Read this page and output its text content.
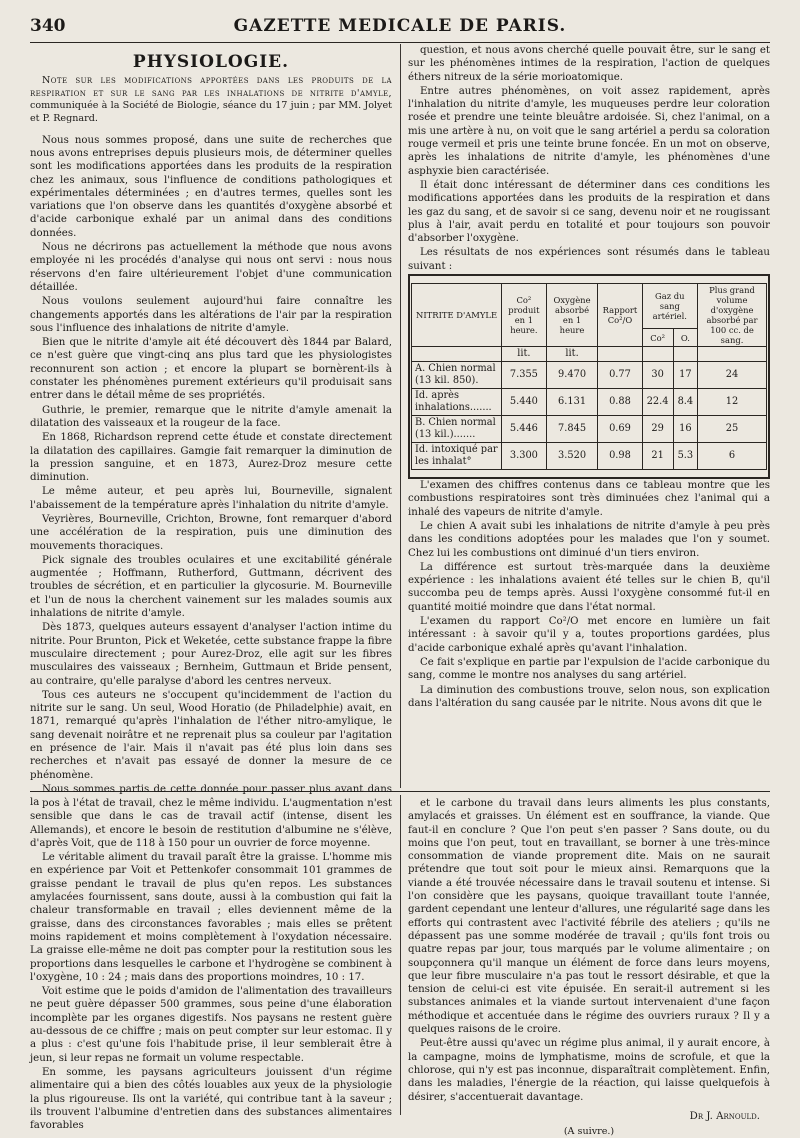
340	GAZETTE MEDICALE DE PARIS.
PHYSIOLOGIE.
Note sur les modifications apportées dans les produits de la respiration et sur le sang par les inhalations de nitrite d'amyle, communiquée à la Société de Biologie, séance du 17 juin ; par MM. Jolyet et P. Regnard.

Nous nous sommes proposé, dans une suite de recherches que nous avons entreprises depuis plusieurs mois, de déterminer quelles sont les modifications apportées dans les produits de la respiration chez les animaux, sous l'influence de conditions pathologiques et expérimentales déterminées ; en d'autres termes, quelles sont les variations que l'on observe dans les quantités d'oxygène absorbé et d'acide carbonique exhalé par un animal dans des conditions données.

Nous ne décrirons pas actuellement la méthode que nous avons employée ni les procédés d'analyse qui nous ont servi : nous nous réservons d'en faire ultérieurement l'objet d'une communication détaillée.

Nous voulons seulement aujourd'hui faire connaître les changements apportés dans les altérations de l'air par la respiration sous l'influence des inhalations de nitrite d'amyle.

Bien que le nitrite d'amyle ait été découvert dès 1844 par Balard, ce n'est guère que vingt-cinq ans plus tard que les physiologistes reconnurent son action ; et encore la plupart se bornèrent-ils à constater les phénomènes purement extérieurs qu'il produisait sans entrer dans le détail même de ses propriétés.

Guthrie, le premier, remarque que le nitrite d'amyle amenait la dilatation des vaisseaux et la rougeur de la face.

En 1868, Richardson reprend cette étude et constate directement la dilatation des capillaires. Gamgie fait remarquer la diminution de la pression sanguine, et en 1873, Aurez-Droz mesure cette diminution.

Le même auteur, et peu après lui, Bourneville, signalent l'abaissement de la température après l'inhalation du nitrite d'amyle.

Veyrières, Bourneville, Crichton, Browne, font remarquer d'abord une accélération de la respiration, puis une diminution des mouvements thoraciques.

Pick signale des troubles oculaires et une excitabilité générale augmentée ; Hoffmann, Rutherford, Guttmann, décrivent des troubles de sécrétion, et en particulier la glycosurie. M. Bourneville et l'un de nous la cherchent vainement sur les malades soumis aux inhalations de nitrite d'amyle.

Dès 1873, quelques auteurs essayent d'analyser l'action intime du nitrite. Pour Brunton, Pick et Weketée, cette substance frappe la fibre musculaire directement ; pour Aurez-Droz, elle agit sur les fibres musculaires des vaisseaux ; Bernheim, Guttmaun et Bride pensent, au contraire, qu'elle paralyse d'abord les centres nerveux.

Tous ces auteurs ne s'occupent qu'incidemment de l'action du nitrite sur le sang. Un seul, Wood Horatio (de Philadelphie) avait, en 1871, remarqué qu'après l'inhalation de l'éther nitro-amylique, le sang devenait noirâtre et ne reprenait plus sa couleur par l'agitation en présence de l'air. Mais il n'avait pas été plus loin dans ses recherches et n'avait pas essayé de donner la mesure de ce phénomène.

Nous sommes partis de cette donnée pour passer plus avant dans la

question, et nous avons cherché quelle pouvait être, sur le sang et sur les phénomènes intimes de la respiration, l'action de quelques éthers nitreux de la série morioatomique.

Entre autres phénomènes, on voit assez rapidement, après l'inhalation du nitrite d'amyle, les muqueuses perdre leur coloration rosée et prendre une teinte bleuâtre ardoisée. Si, chez l'animal, on a mis une artère à nu, on voit que le sang artériel a perdu sa coloration rouge vermeil et pris une teinte brune foncée. En un mot on observe, après les inhalations de nitrite d'amyle, les phénomènes d'une asphyxie bien caractérisée.

Il était donc intéressant de déterminer dans ces conditions les modifications apportées dans les produits de la respiration et dans les gaz du sang, et de savoir si ce sang, devenu noir et ne rougissant plus à l'air, avait perdu en totalité et pour toujours son pouvoir d'absorber l'oxygène.

Les résultats de nos expériences sont résumés dans le tableau suivant :

NITRITE D'AMYLE	Co² produit en 1 heure.	Oxygène absorbé en 1 heure	Rapport Co²/O	Gaz du sang artériel.		Plus grand volume d'oxygène absorbé par 100 cc. de sang.
				Co²	O.	
	lit.	lit.				
A. Chien normal (13 kil. 850).	7.355	9.470	0.77	30	17	24
Id. après inhalations.......	5.440	6.131	0.88	22.4	8.4	12
B. Chien normal (13 kil.).......	5.446	7.845	0.69	29	16	25
Id. intoxiqué par les inhalat°	3.300	3.520	0.98	21	5.3	6

L'examen des chiffres contenus dans ce tableau montre que les combustions respiratoires sont très diminuées chez l'animal qui a inhalé des vapeurs de nitrite d'amyle.

Le chien A avait subi les inhalations de nitrite d'amyle à peu près dans les conditions adoptées pour les malades que l'on y soumet. Chez lui les combustions ont diminué d'un tiers environ.

La différence est surtout très-marquée dans la deuxième expérience : les inhalations avaient été telles sur le chien B, qu'il succomba peu de temps après. Aussi l'oxygène consommé fut-il en quantité moitié moindre que dans l'état normal.

L'examen du rapport Co²/O met encore en lumière un fait intéressant : à savoir qu'il y a, toutes proportions gardées, plus d'acide carbonique exhalé après qu'avant l'inhalation.

Ce fait s'explique en partie par l'expulsion de l'acide carbonique du sang, comme le montre nos analyses du sang artériel.

La diminution des combustions trouve, selon nous, son explication dans l'altération du sang causée par le nitrite. Nous avons dit que le

pos à l'état de travail, chez le même individu. L'augmentation n'est sensible que dans le cas de travail actif (intense, disent les Allemands), et encore le besoin de restitution d'albumine ne s'élève, d'après Voit, que de 118 à 150 pour un ouvrier de force moyenne.

Le véritable aliment du travail paraît être la graisse. L'homme mis en expérience par Voit et Pettenkofer consommait 101 grammes de graisse pendant le travail de plus qu'en repos. Les substances amylacées fournissent, sans doute, aussi à la combustion qui fait la chaleur transformable en travail ; elles deviennent même de la graisse, dans des circonstances favorables ; mais elles se prêtent moins rapidement et moins complètement à l'oxydation nécessaire. La graisse elle-même ne doit pas compter pour la restitution sous les proportions dans lesquelles le carbone et l'hydrogène se combinent à l'oxygène, 10 : 24 ; mais dans des proportions moindres, 10 : 17.

Voit estime que le poids d'amidon de l'alimentation des travailleurs ne peut guère dépasser 500 grammes, sous peine d'une élaboration incomplète par les organes digestifs. Nos paysans ne restent guère au-dessous de ce chiffre ; mais on peut compter sur leur estomac. Il y a plus : c'est qu'une fois l'habitude prise, il leur semblerait être à jeun, si leur repas ne formait un volume respectable.

En somme, les paysans agriculteurs jouissent d'un régime alimentaire qui a bien des côtés louables aux yeux de la physiologie la plus rigoureuse. Ils ont la variété, qui contribue tant à la saveur ; ils trouvent l'albumine d'entretien dans des substances alimentaires favorables

et le carbone du travail dans leurs aliments les plus constants, amylacés et graisses. Un élément est en souffrance, la viande. Que faut-il en conclure ? Que l'on peut s'en passer ? Sans doute, ou du moins que l'on peut, tout en travaillant, se borner à une très-mince consommation de viande proprement dite. Mais on ne saurait prétendre que tout soit pour le mieux ainsi. Remarquons que la viande a été trouvée nécessaire dans le travail soutenu et intense. Si l'on considère que les paysans, quoique travaillant toute l'année, gardent cependant une lenteur d'allures, une régularité sage dans les efforts qui contrastent avec l'activité fébrile des ateliers ; qu'ils ne dépassent pas une somme modérée de travail ; qu'ils font trois ou quatre repas par jour, tous marqués par le volume alimentaire ; on soupçonnera qu'il manque un élément de force dans leurs moyens, que leur fibre musculaire n'a pas tout le ressort désirable, et que la tension de celui-ci est vite épuisée. En serait-il autrement si les substances animales et la viande surtout intervenaient d'une façon méthodique et accentuée dans le régime des ouvriers ruraux ? Il y a quelques raisons de le croire.

Peut-être aussi qu'avec un régime plus animal, il y aurait encore, à la campagne, moins de lymphatisme, moins de scrofule, et que la chlorose, qui n'y est pas inconnue, disparaîtrait complètement. Enfin, dans les maladies, l'énergie de la réaction, qui laisse quelquefois à désirer, s'accentuerait davantage.

Dr J. Arnould.
(A suivre.)
